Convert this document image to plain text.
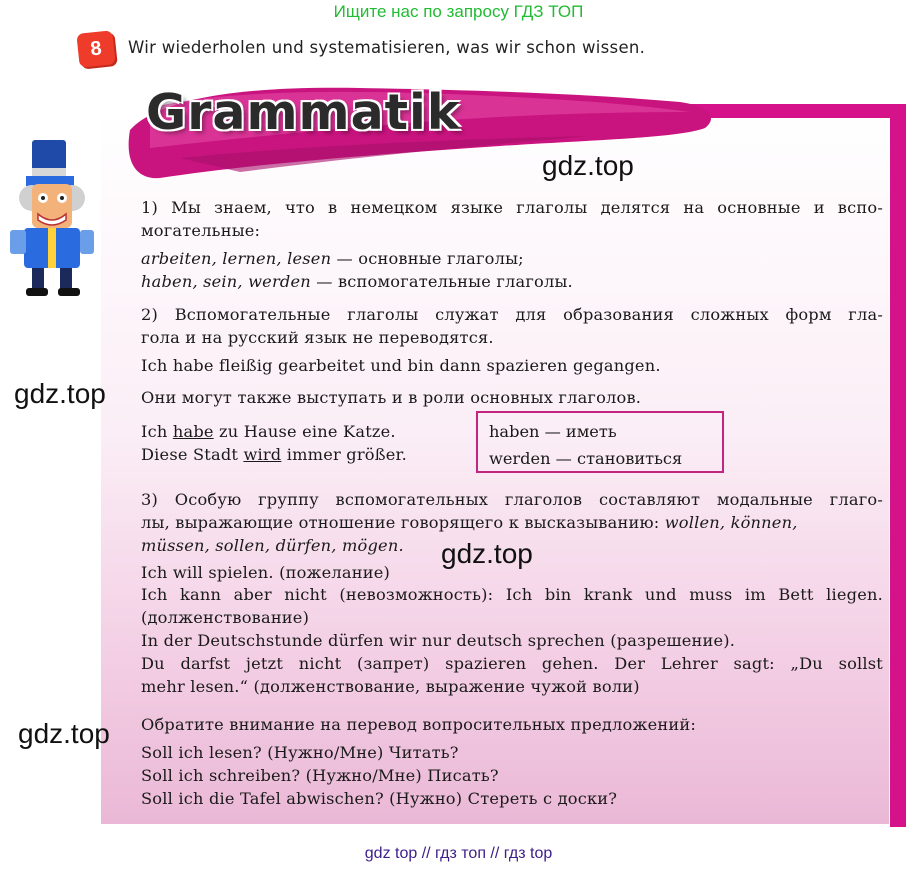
Ищите нас по запросу ГДЗ ТОП
8	Wir wiederholen und systematisieren, was wir schon wissen.
Grammatik
gdz.top
gdz.top
gdz.top
gdz.top

1) Мы знаем, что в немецком языке глаголы делятся на основные и вспо-

могательные:

arbeiten, lernen, lesen — основные глаголы;

haben, sein, werden — вспомогательные глаголы.

2) Вспомогательные глаголы служат для образования сложных форм гла-

гола и на русский язык не переводятся.

Ich habe fleißig gearbeitet und bin dann spazieren gegangen.

Они могут также выступать и в роли основных глаголов.

Ich habe zu Hause eine Katze.

Diese Stadt wird immer größer.

haben — иметь
werden — становиться

3) Особую группу вспомогательных глаголов составляют модальные глаго-

лы, выражающие отношение говорящего к высказыванию: wollen, können,

müssen, sollen, dürfen, mögen.

Ich will spielen. (пожелание)

Ich kann aber nicht (невозможность): Ich bin krank und muss im Bett liegen.

(долженствование)

In der Deutschstunde dürfen wir nur deutsch sprechen (разрешение).

Du darfst jetzt nicht (запрет) spazieren gehen. Der Lehrer sagt: „Du sollst

mehr lesen.“ (долженствование, выражение чужой воли)

Обратите внимание на перевод вопросительных предложений:

Soll ich lesen? (Нужно/Мне) Читать?

Soll ich schreiben? (Нужно/Мне) Писать?

Soll ich die Tafel abwischen? (Нужно) Стереть с доски?

gdz top // гдз топ // гдз top
